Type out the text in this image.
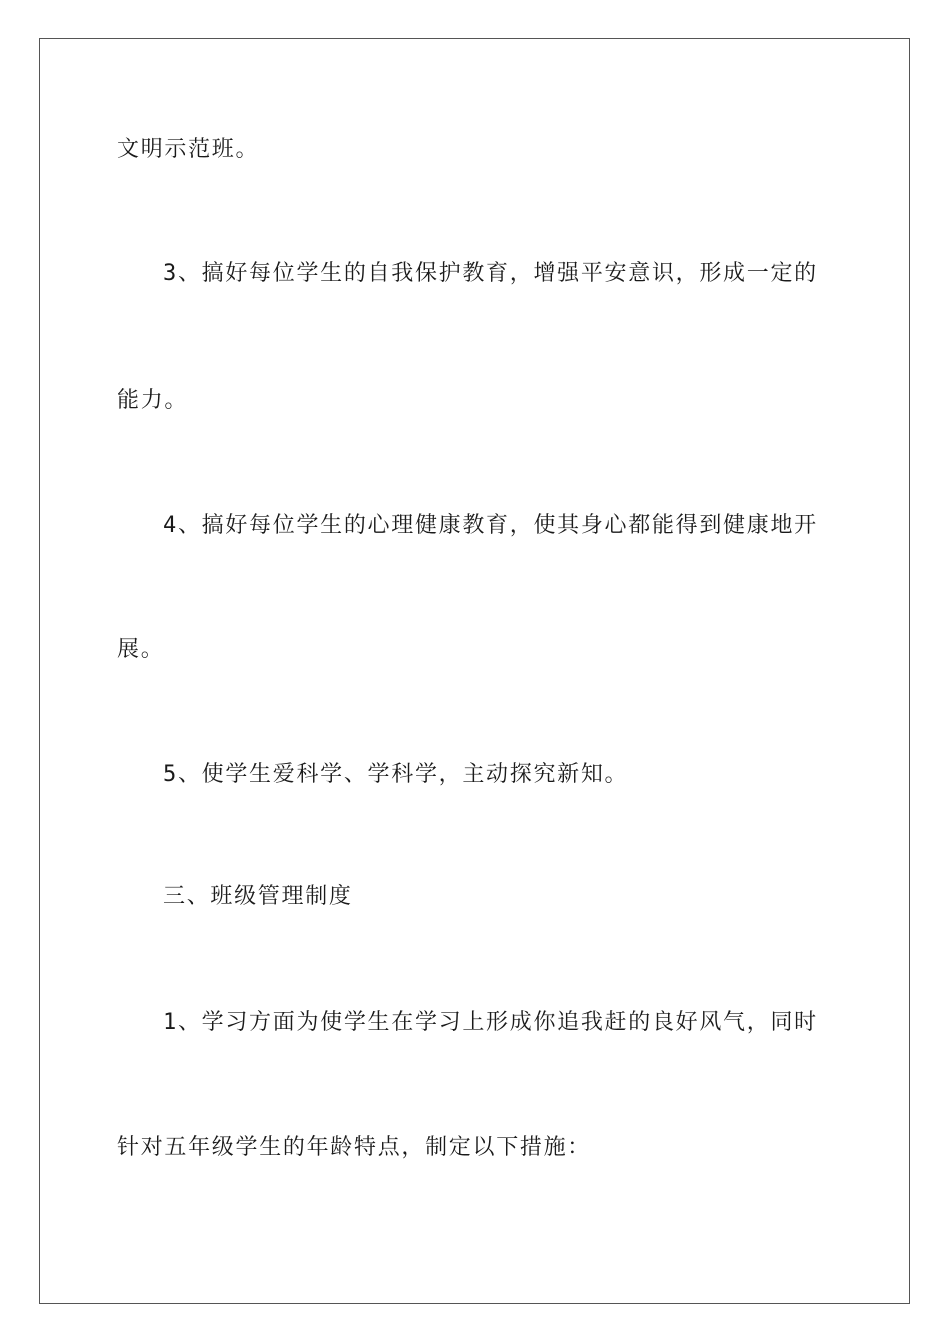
文明示范班。
3、搞好每位学生的自我保护教育，增强平安意识，形成一定的
能力。
4、搞好每位学生的心理健康教育，使其身心都能得到健康地开
展。
5、使学生爱科学、学科学，主动探究新知。
三、班级管理制度
1、学习方面为使学生在学习上形成你追我赶的良好风气，同时
针对五年级学生的年龄特点，制定以下措施：
